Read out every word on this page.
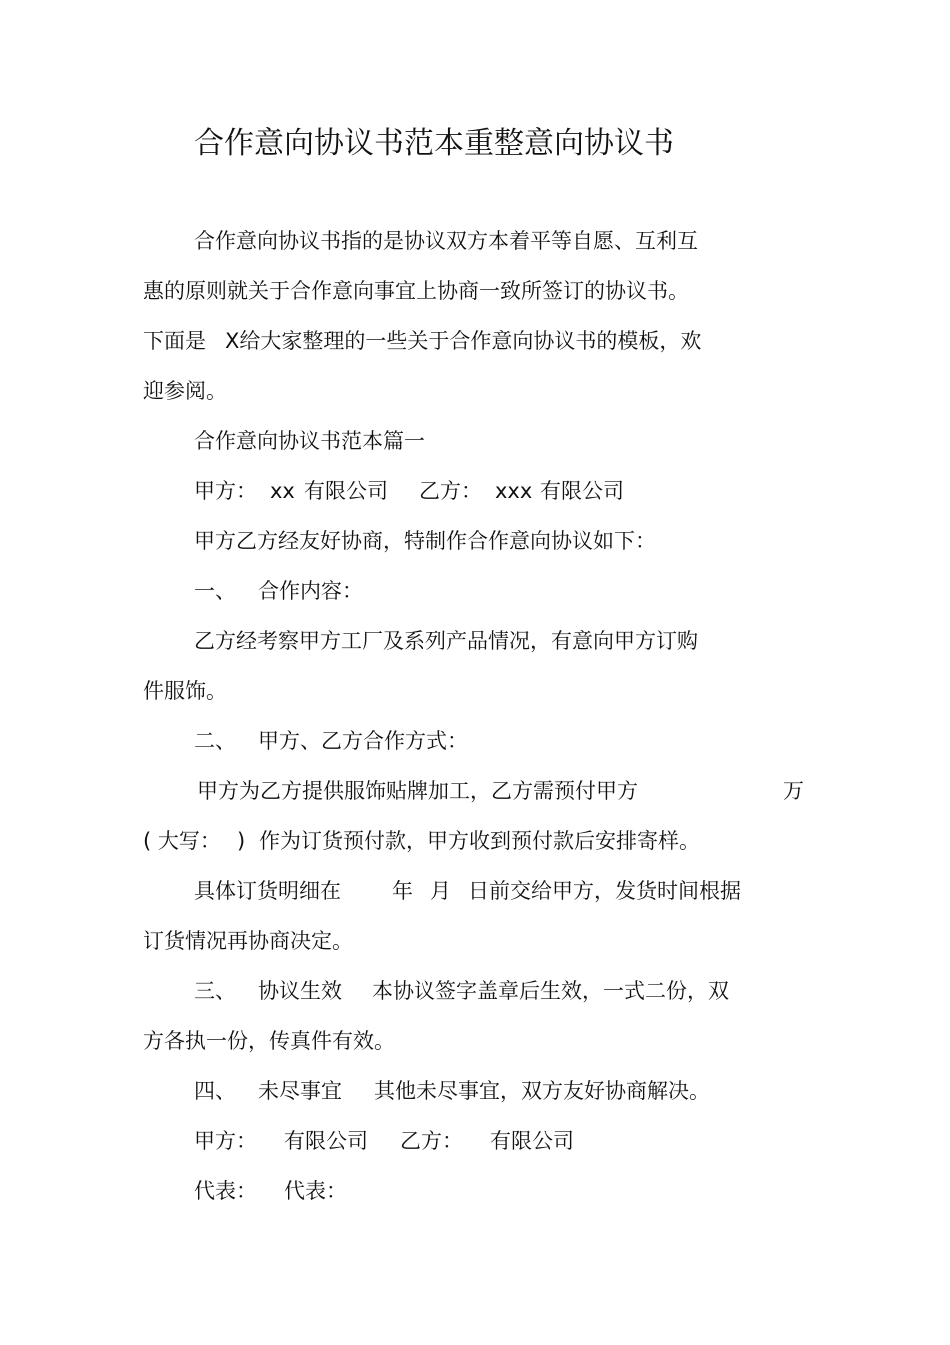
合作意向协议书范本重整意向协议书
合作意向协议书指的是协议双方本着平等自愿、互利互
惠的原则就关于合作意向事宜上协商一致所签订的协议书。
下面是 X给大家整理的一些关于合作意向协议书的模板，欢
迎参阅。
合作意向协议书范本篇一
甲方： xx 有限公司 乙方： xxx 有限公司
甲方乙方经友好协商，特制作合作意向协议如下：
一、 合作内容：
乙方经考察甲方工厂及系列产品情况，有意向甲方订购
件服饰。
二、 甲方、乙方合作方式：
甲方为乙方提供服饰贴牌加工，乙方需预付甲方	万
( 大写： ) 作为订货预付款，甲方收到预付款后安排寄样。
具体订货明细在 年 月 日前交给甲方，发货时间根据
订货情况再协商决定。
三、 协议生效 本协议签字盖章后生效，一式二份，双
方各执一份，传真件有效。
四、 未尽事宜 其他未尽事宜，双方友好协商解决。
甲方： 有限公司 乙方： 有限公司
代表： 代表：
